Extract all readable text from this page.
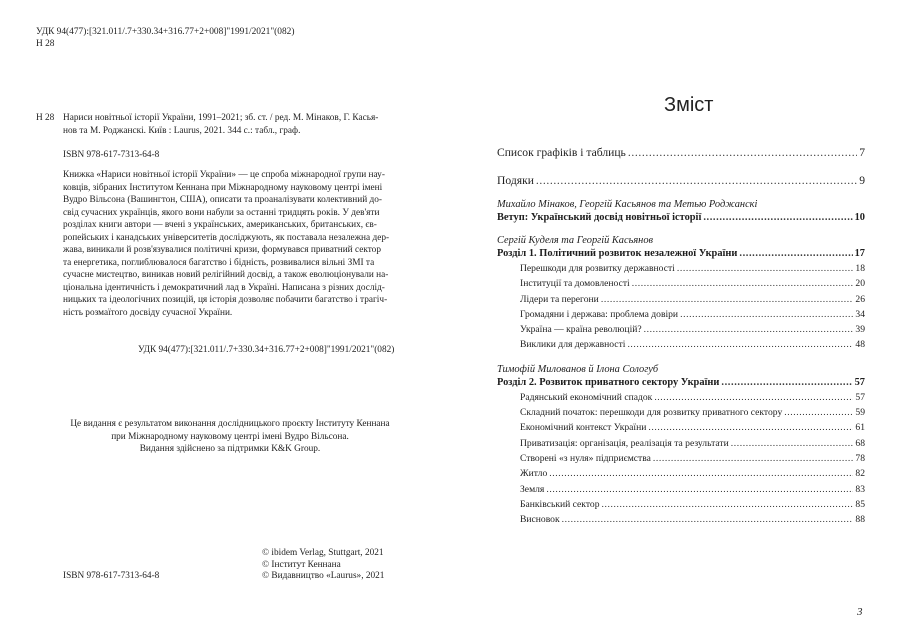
УДК 94(477):[321.011/.7+330.34+316.77+2+008]"1991/2021"(082)
Н 28
Н 28 Нариси новітньої історії України, 1991–2021; зб. ст. / ред. М. Мінаков, Г. Касья-
нов та М. Роджанскі. Київ : Laurus, 2021. 344 с.: табл., граф.
ISBN 978-617-7313-64-8
Книжка «Нариси новітньої історії України» — це спроба міжнародної групи нау-
ковців, зібраних Інститутом Кеннана при Міжнародному науковому центрі імені
Вудро Вільсона (Вашингтон, США), описати та проаналізувати колективний до-
свід сучасних українців, якого вони набули за останні тридцять років. У дев'яти
розділах книги автори — вчені з українських, американських, британських, єв-
ропейських і канадських університетів досліджують, як поставала незалежна дер-
жава, виникали й розв'язувалися політичні кризи, формувався приватний сектор
та енергетика, поглиблювалося багатство і бідність, розвивалися вільні ЗМІ та
сучасне мистецтво, виникав новий релігійний досвід, а також еволюціонували на-
ціональна ідентичність і демократичний лад в Україні. Написана з різних дослід-
ницьких та ідеологічних позицій, ця історія дозволяє побачити багатство і трагіч-
ність розмаїтого досвіду сучасної України.
УДК 94(477):[321.011/.7+330.34+316.77+2+008]"1991/2021"(082)
Це видання є результатом виконання дослідницького проєкту Інституту Кеннана
при Міжнародному науковому центрі імені Вудро Вільсона.
Видання здійснено за підтримки K&K Group.
© ibidem Verlag, Stuttgart, 2021
© Інститут Кеннана
© Видавництво «Laurus», 2021
ISBN 978-617-7313-64-8
Зміст
Список графіків і таблиць .....	7
Подяки .....	9
Михайло Мінаков, Георгій Касьянов та Метью Роджанскі
Ветуп: Український досвід новітньої історії .....	10
Сергій Куделя та Георгій Касьянов
Розділ 1. Політичний розвиток незалежної України .....	17
Перешкоди для розвитку державності .....	18
Інституції та домовленості .....	20
Лідери та перегони .....	26
Громадяни і держава: проблема довіри .....	34
Україна — країна революцій? .....	39
Виклики для державності .....	48
Тимофій Милованов й Ілона Сологуб
Розділ 2. Розвиток приватного сектору України .....	57
Радянський економічний спадок .....	57
Складний початок: перешкоди для розвитку приватного сектору .....	59
Економічний контекст України .....	61
Приватизація: організація, реалізація та результати .....	68
Створені «з нуля» підприємства .....	78
Житло .....	82
Земля .....	83
Банківський сектор .....	85
Висновок .....	88
3
